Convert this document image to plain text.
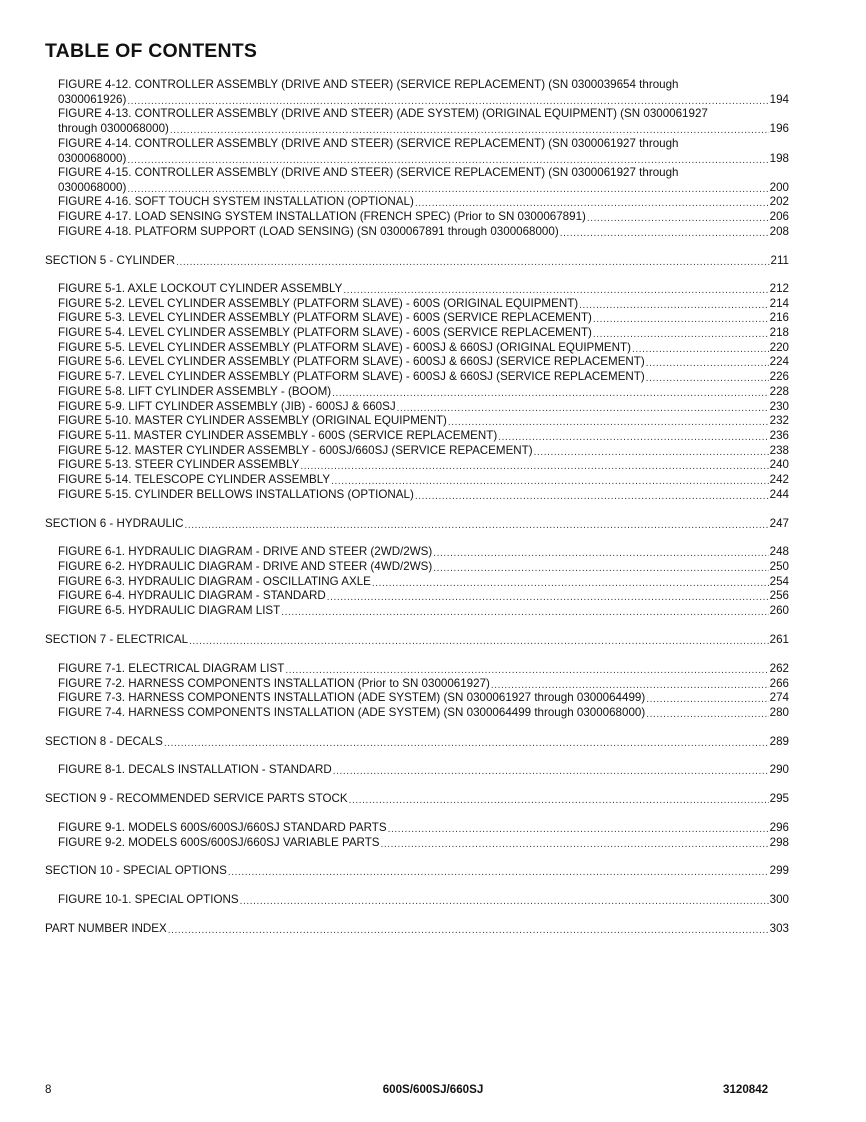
TABLE OF CONTENTS
FIGURE 4-12. CONTROLLER ASSEMBLY (DRIVE AND STEER) (SERVICE REPLACEMENT) (SN 0300039654 through
0300061926) .....	194
FIGURE 4-13. CONTROLLER ASSEMBLY (DRIVE AND STEER) (ADE SYSTEM) (ORIGINAL EQUIPMENT) (SN 0300061927
through 0300068000) .....	196
FIGURE 4-14. CONTROLLER ASSEMBLY (DRIVE AND STEER) (SERVICE REPLACEMENT) (SN 0300061927 through
0300068000) .....	198
FIGURE 4-15. CONTROLLER ASSEMBLY (DRIVE AND STEER) (SERVICE REPLACEMENT) (SN 0300061927 through
0300068000) .....	200
FIGURE 4-16. SOFT TOUCH SYSTEM INSTALLATION (OPTIONAL) .....	202
FIGURE 4-17. LOAD SENSING SYSTEM INSTALLATION (FRENCH SPEC) (Prior to SN 0300067891) .....	206
FIGURE 4-18. PLATFORM SUPPORT (LOAD SENSING) (SN 0300067891 through 0300068000) .....	208
SECTION 5 - CYLINDER .....	211
FIGURE 5-1. AXLE LOCKOUT CYLINDER ASSEMBLY .....	212
FIGURE 5-2. LEVEL CYLINDER ASSEMBLY (PLATFORM SLAVE) - 600S (ORIGINAL EQUIPMENT) .....	214
FIGURE 5-3. LEVEL CYLINDER ASSEMBLY (PLATFORM SLAVE) - 600S (SERVICE REPLACEMENT) .....	216
FIGURE 5-4. LEVEL CYLINDER ASSEMBLY (PLATFORM SLAVE) - 600S (SERVICE REPLACEMENT) .....	218
FIGURE 5-5. LEVEL CYLINDER ASSEMBLY (PLATFORM SLAVE) - 600SJ & 660SJ (ORIGINAL EQUIPMENT) .....	220
FIGURE 5-6. LEVEL CYLINDER ASSEMBLY (PLATFORM SLAVE) - 600SJ & 660SJ (SERVICE REPLACEMENT) .....	224
FIGURE 5-7. LEVEL CYLINDER ASSEMBLY (PLATFORM SLAVE) - 600SJ & 660SJ (SERVICE REPLACEMENT) .....	226
FIGURE 5-8. LIFT CYLINDER ASSEMBLY - (BOOM) .....	228
FIGURE 5-9. LIFT CYLINDER ASSEMBLY (JIB) - 600SJ & 660SJ .....	230
FIGURE 5-10. MASTER CYLINDER ASSEMBLY (ORIGINAL EQUIPMENT) .....	232
FIGURE 5-11. MASTER CYLINDER ASSEMBLY - 600S (SERVICE REPLACEMENT) .....	236
FIGURE 5-12. MASTER CYLINDER ASSEMBLY - 600SJ/660SJ (SERVICE REPACEMENT) .....	238
FIGURE 5-13. STEER CYLINDER ASSEMBLY .....	240
FIGURE 5-14. TELESCOPE CYLINDER ASSEMBLY .....	242
FIGURE 5-15. CYLINDER BELLOWS INSTALLATIONS (OPTIONAL) .....	244
SECTION 6 - HYDRAULIC .....	247
FIGURE 6-1. HYDRAULIC DIAGRAM - DRIVE AND STEER (2WD/2WS) .....	248
FIGURE 6-2. HYDRAULIC DIAGRAM - DRIVE AND STEER (4WD/2WS) .....	250
FIGURE 6-3. HYDRAULIC DIAGRAM - OSCILLATING AXLE .....	254
FIGURE 6-4. HYDRAULIC DIAGRAM - STANDARD .....	256
FIGURE 6-5. HYDRAULIC DIAGRAM LIST .....	260
SECTION 7 - ELECTRICAL .....	261
FIGURE 7-1. ELECTRICAL DIAGRAM LIST .....	262
FIGURE 7-2. HARNESS COMPONENTS INSTALLATION (Prior to SN 0300061927) .....	266
FIGURE 7-3. HARNESS COMPONENTS INSTALLATION (ADE SYSTEM) (SN 0300061927 through 0300064499) .....	274
FIGURE 7-4. HARNESS COMPONENTS INSTALLATION (ADE SYSTEM) (SN 0300064499 through 0300068000) .....	280
SECTION 8 - DECALS .....	289
FIGURE 8-1. DECALS INSTALLATION - STANDARD .....	290
SECTION 9 - RECOMMENDED SERVICE PARTS STOCK .....	295
FIGURE 9-1. MODELS 600S/600SJ/660SJ STANDARD PARTS .....	296
FIGURE 9-2. MODELS 600S/600SJ/660SJ VARIABLE PARTS .....	298
SECTION 10 - SPECIAL OPTIONS .....	299
FIGURE 10-1. SPECIAL OPTIONS .....	300
PART NUMBER INDEX .....	303
8	600S/600SJ/660SJ	3120842
